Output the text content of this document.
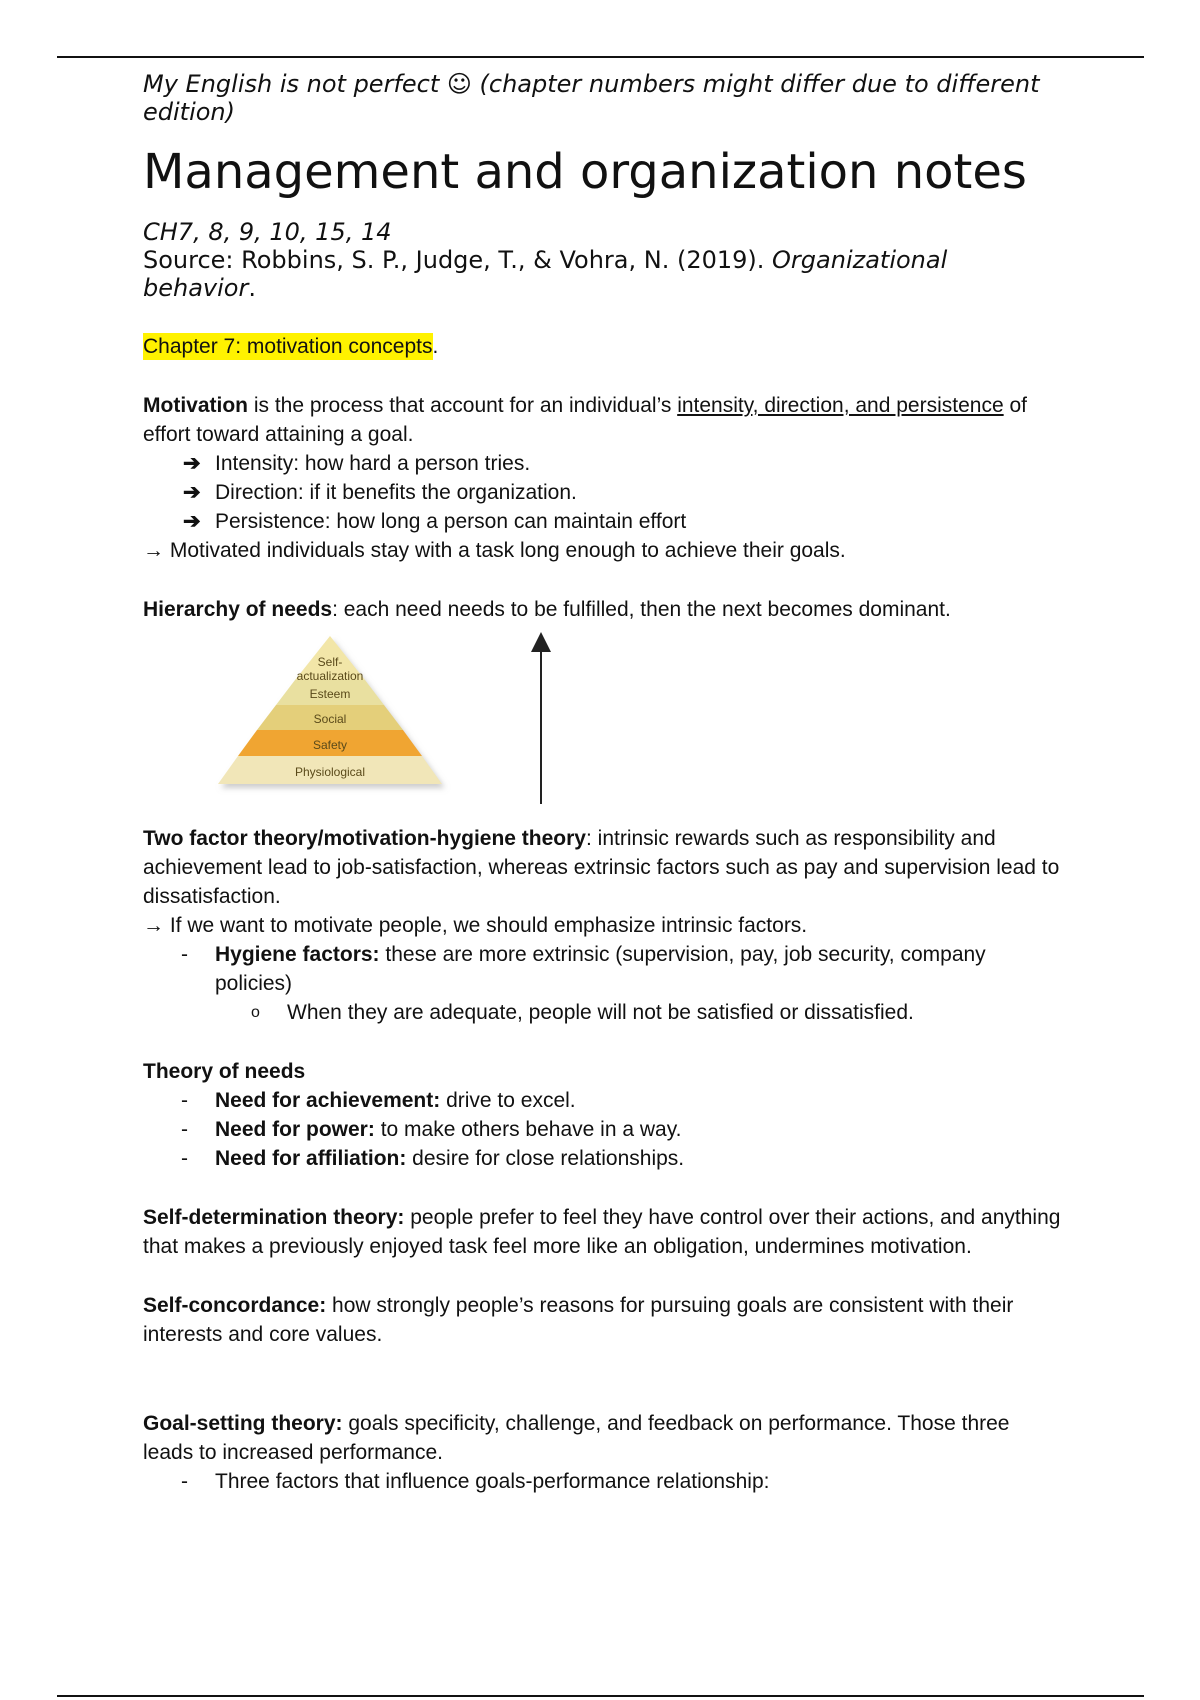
My English is not perfect ☺ (chapter numbers might differ due to different edition)

Management and organization notes

CH7, 8, 9, 10, 15, 14

Source: Robbins, S. P., Judge, T., & Vohra, N. (2019). Organizational behavior.

Chapter 7: motivation concepts.

Motivation is the process that account for an individual’s intensity, direction, and persistence of effort toward attaining a goal.

➔ Intensity: how hard a person tries.
➔ Direction: if it benefits the organization.
➔ Persistence: how long a person can maintain effort

→ Motivated individuals stay with a task long enough to achieve their goals.

Hierarchy of needs: each need needs to be fulfilled, then the next becomes dominant.

Self-
actualization
Esteem
Social
Safety
Physiological

Two factor theory/motivation-hygiene theory: intrinsic rewards such as responsibility and achievement lead to job-satisfaction, whereas extrinsic factors such as pay and supervision lead to dissatisfaction.

→ If we want to motivate people, we should emphasize intrinsic factors.

- Hygiene factors: these are more extrinsic (supervision, pay, job security, company policies)
o When they are adequate, people will not be satisfied or dissatisfied.

Theory of needs

- Need for achievement: drive to excel.
- Need for power: to make others behave in a way.
- Need for affiliation: desire for close relationships.

Self-determination theory: people prefer to feel they have control over their actions, and anything that makes a previously enjoyed task feel more like an obligation, undermines motivation.

Self-concordance: how strongly people’s reasons for pursuing goals are consistent with their interests and core values.

Goal-setting theory: goals specificity, challenge, and feedback on performance. Those three leads to increased performance.

- Three factors that influence goals-performance relationship:
